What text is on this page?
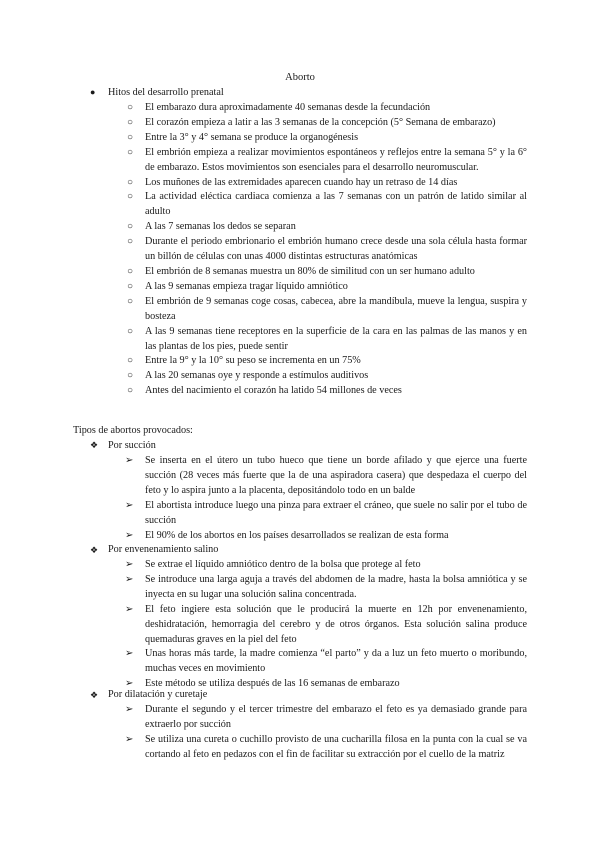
Aborto
● Hitos del desarrollo prenatal
○ El embarazo dura aproximadamente 40 semanas desde la fecundación
○ El corazón empieza a latir a las 3 semanas de la concepción (5° Semana de embarazo)
○ Entre la 3° y 4° semana se produce la organogénesis
○ El embrión empieza a realizar movimientos espontáneos y reflejos entre la semana 5° y la 6° de embarazo. Estos movimientos son esenciales para el desarrollo neuromuscular.
○ Los muñones de las extremidades aparecen cuando hay un retraso de 14 días
○ La actividad eléctica cardiaca comienza a las 7 semanas con un patrón de latido similar al adulto
○ A las 7 semanas los dedos se separan
○ Durante el periodo embrionario el embrión humano crece desde una sola célula hasta formar un billón de células con unas 4000 distintas estructuras anatómicas
○ El embrión de 8 semanas muestra un 80% de similitud con un ser humano adulto
○ A las 9 semanas empieza tragar líquido amniótico
○ El embrión de 9 semanas coge cosas, cabecea, abre la mandíbula, mueve la lengua, suspira y bosteza
○ A las 9 semanas tiene receptores en la superficie de la cara en las palmas de las manos y en las plantas de los pies, puede sentir
○ Entre la 9° y la 10° su peso se incrementa en un 75%
○ A las 20 semanas oye y responde a estímulos auditivos
○ Antes del nacimiento el corazón ha latido 54 millones de veces
Tipos de abortos provocados:
❖ Por succión
➢ Se inserta en el útero un tubo hueco que tiene un borde afilado y que ejerce una fuerte succión (28 veces más fuerte que la de una aspiradora casera) que despedaza el cuerpo del feto y lo aspira junto a la placenta, depositándolo todo en un balde
➢ El abortista introduce luego una pinza para extraer el cráneo, que suele no salir por el tubo de succión
➢ El 90% de los abortos en los países desarrollados se realizan de esta forma
❖ Por envenenamiento salino
➢ Se extrae el líquido amniótico dentro de la bolsa que protege al feto
➢ Se introduce una larga aguja a través del abdomen de la madre, hasta la bolsa amniótica y se inyecta en su lugar una solución salina concentrada.
➢ El feto ingiere esta solución que le producirá la muerte en 12h por envenenamiento, deshidratación, hemorragia del cerebro y de otros órganos. Esta solución salina produce quemaduras graves en la piel del feto
➢ Unas horas más tarde, la madre comienza “el parto” y da a luz un feto muerto o moribundo, muchas veces en movimiento
➢ Este método se utiliza después de las 16 semanas de embarazo
❖ Por dilatación y curetaje
➢ Durante el segundo y el tercer trimestre del embarazo el feto es ya demasiado grande para extraerlo por succión
➢ Se utiliza una cureta o cuchillo provisto de una cucharilla filosa en la punta con la cual se va cortando al feto en pedazos con el fin de facilitar su extracción por el cuello de la matriz
